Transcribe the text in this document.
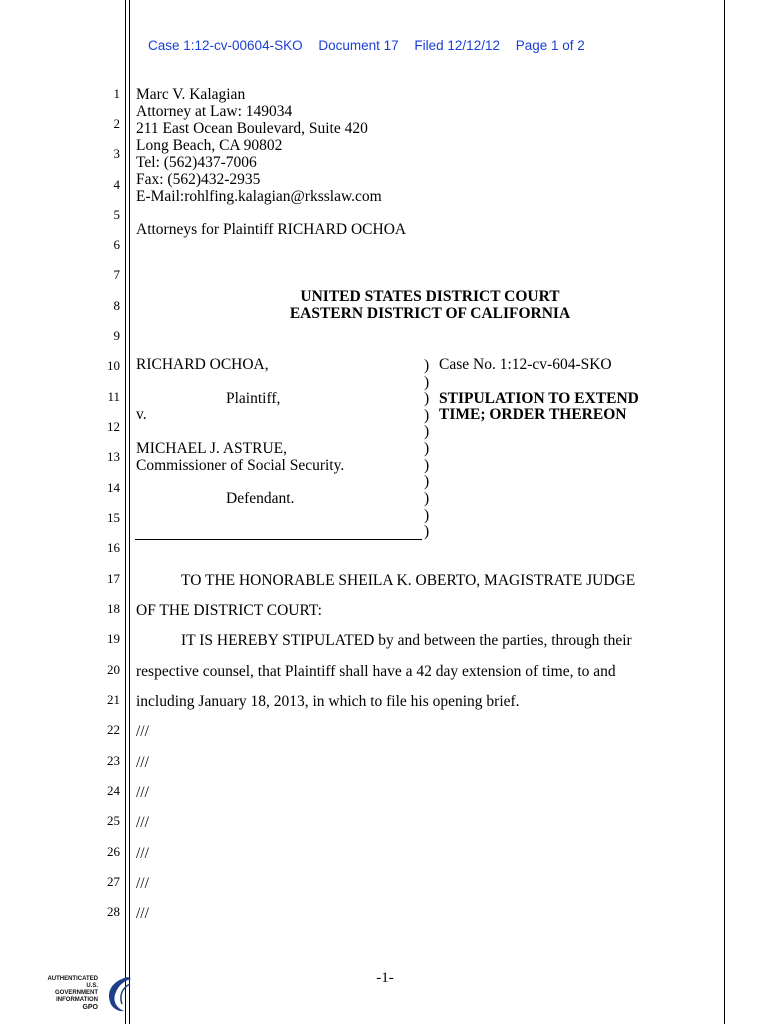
Case 1:12-cv-00604-SKO Document 17 Filed 12/12/12 Page 1 of 2
1
2
3
4
5
6
7
8
9
10
11
12
13
14
15
16
17
18
19
20
21
22
23
24
25
26
27
28
Marc V. Kalagian
Attorney at Law: 149034
211 East Ocean Boulevard, Suite 420
Long Beach, CA 90802
Tel: (562)437-7006
Fax: (562)432-2935
E-Mail:rohlfing.kalagian@rksslaw.com
Attorneys for Plaintiff RICHARD OCHOA
UNITED STATES DISTRICT COURT
EASTERN DISTRICT OF CALIFORNIA
RICHARD OCHOA,
Plaintiff,
v.
MICHAEL J. ASTRUE,
Commissioner of Social Security.
Defendant.
)
)
)
)
)
)
)
)
)
)
)
Case No. 1:12-cv-604-SKO
STIPULATION TO EXTEND
TIME; ORDER THEREON
TO THE HONORABLE SHEILA K. OBERTO, MAGISTRATE JUDGE
OF THE DISTRICT COURT:
IT IS HEREBY STIPULATED by and between the parties, through their
respective counsel, that Plaintiff shall have a 42 day extension of time, to and
including January 18, 2013, in which to file his opening brief.
///
///
///
///
///
///
///
-1-
AUTHENTICATED
U.S. GOVERNMENT
INFORMATION
GPO
